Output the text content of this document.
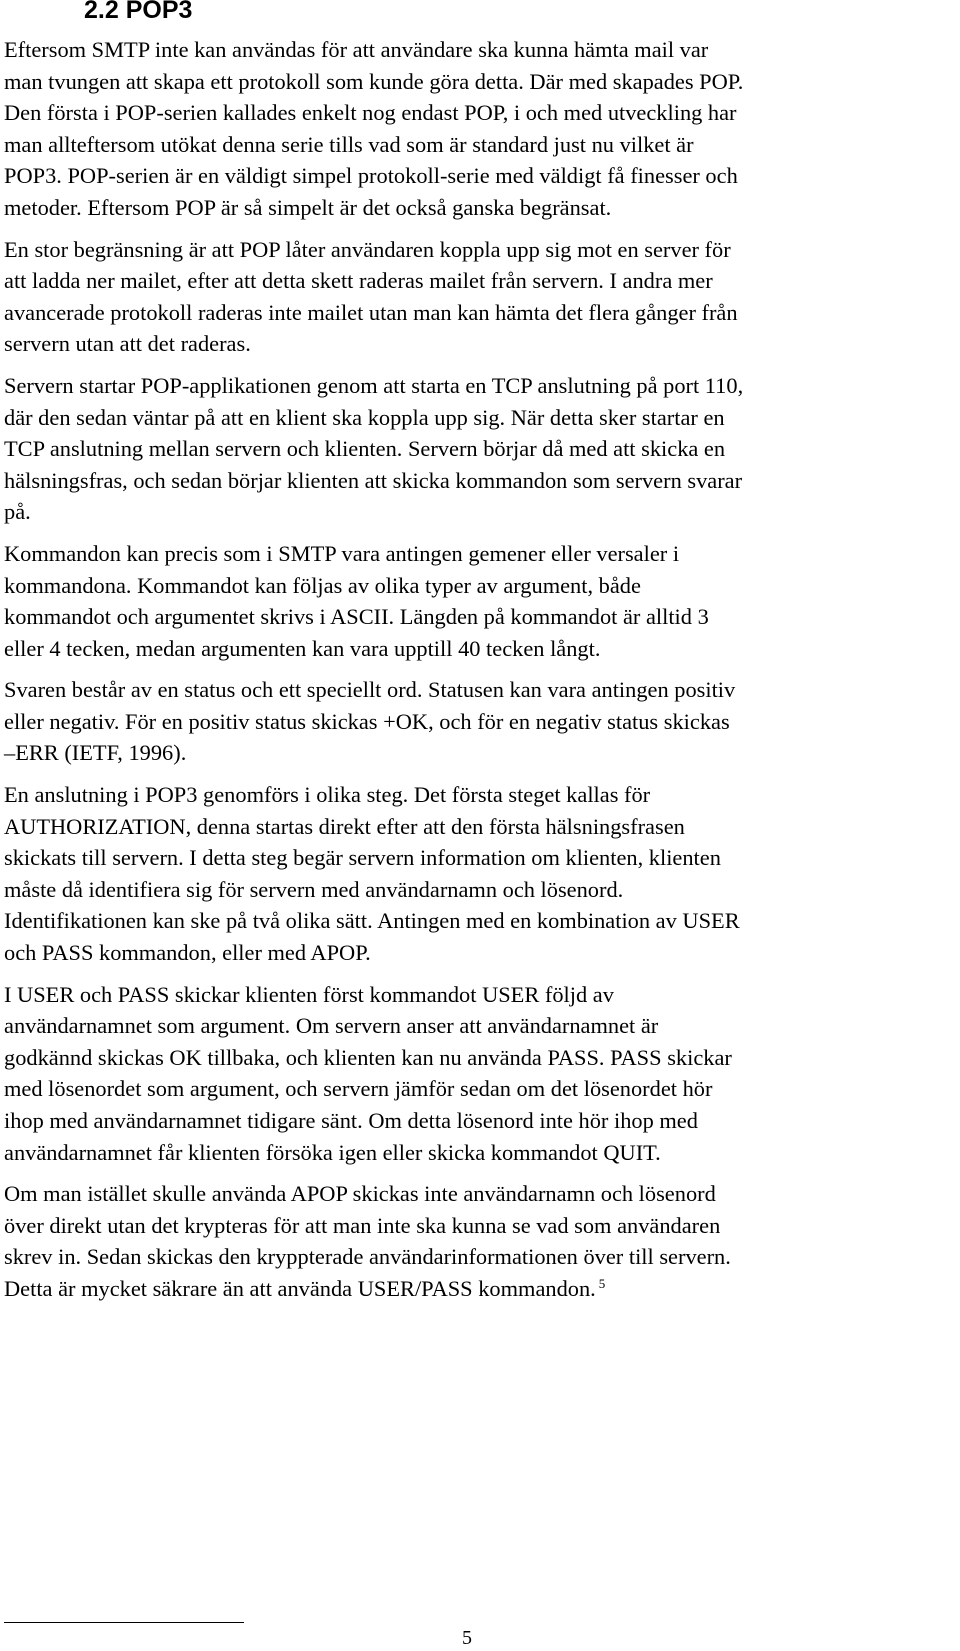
2.2 POP3

Eftersom SMTP inte kan användas för att användare ska kunna hämta mail var
man tvungen att skapa ett protokoll som kunde göra detta. Där med skapades POP.
Den första i POP-serien kallades enkelt nog endast POP, i och med utveckling har
man allteftersom utökat denna serie tills vad som är standard just nu vilket är
POP3. POP-serien är en väldigt simpel protokoll-serie med väldigt få finesser och
metoder. Eftersom POP är så simpelt är det också ganska begränsat.

En stor begränsning är att POP låter användaren koppla upp sig mot en server för
att ladda ner mailet, efter att detta skett raderas mailet från servern. I andra mer
avancerade protokoll raderas inte mailet utan man kan hämta det flera gånger från
servern utan att det raderas.

Servern startar POP-applikationen genom att starta en TCP anslutning på port 110,
där den sedan väntar på att en klient ska koppla upp sig. När detta sker startar en
TCP anslutning mellan servern och klienten. Servern börjar då med att skicka en
hälsningsfras, och sedan börjar klienten att skicka kommandon som servern svarar
på.

Kommandon kan precis som i SMTP vara antingen gemener eller versaler i
kommandona. Kommandot kan följas av olika typer av argument, både
kommandot och argumentet skrivs i ASCII. Längden på kommandot är alltid 3
eller 4 tecken, medan argumenten kan vara upptill 40 tecken långt.

Svaren består av en status och ett speciellt ord. Statusen kan vara antingen positiv
eller negativ. För en positiv status skickas +OK, och för en negativ status skickas
–ERR (IETF, 1996).

En anslutning i POP3 genomförs i olika steg. Det första steget kallas för
AUTHORIZATION, denna startas direkt efter att den första hälsningsfrasen
skickats till servern. I detta steg begär servern information om klienten, klienten
måste då identifiera sig för servern med användarnamn och lösenord.
Identifikationen kan ske på två olika sätt. Antingen med en kombination av USER
och PASS kommandon, eller med APOP.

I USER och PASS skickar klienten först kommandot USER följd av
användarnamnet som argument. Om servern anser att användarnamnet är
godkännd skickas OK tillbaka, och klienten kan nu använda PASS. PASS skickar
med lösenordet som argument, och servern jämför sedan om det lösenordet hör
ihop med användarnamnet tidigare sänt. Om detta lösenord inte hör ihop med
användarnamnet får klienten försöka igen eller skicka kommandot QUIT.

Om man istället skulle använda APOP skickas inte användarnamn och lösenord
över direkt utan det krypteras för att man inte ska kunna se vad som användaren
skrev in. Sedan skickas den kryppterade användarinformationen över till servern.
Detta är mycket säkrare än att använda USER/PASS kommandon. $^5$

5
